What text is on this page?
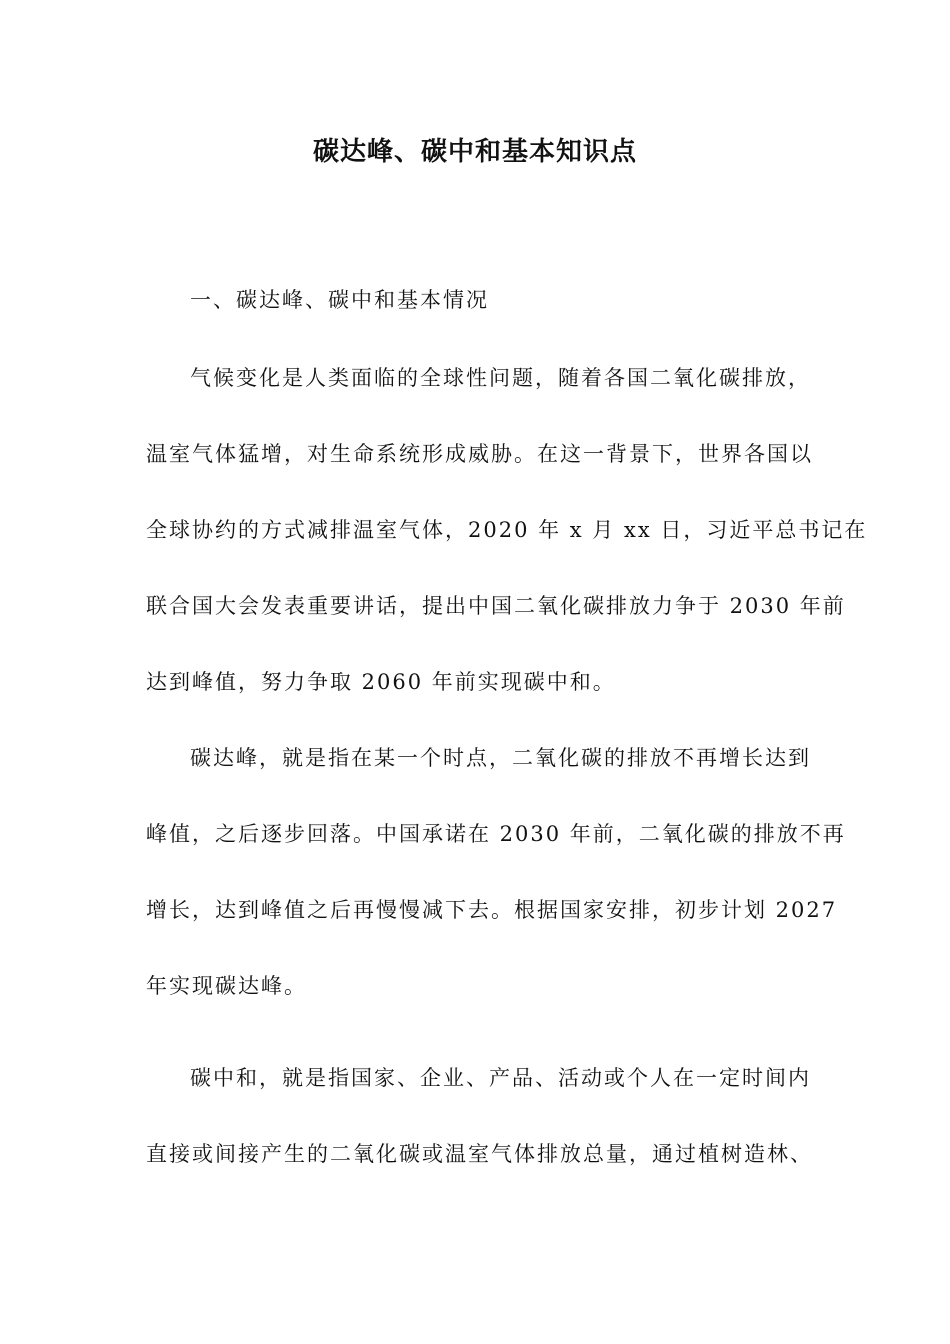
碳达峰、碳中和基本知识点

一、碳达峰、碳中和基本情况

气候变化是人类面临的全球性问题，随着各国二氧化碳排放，
温室气体猛增，对生命系统形成威胁。在这一背景下，世界各国以
全球协约的方式减排温室气体，2020 年 x 月 xx 日，习近平总书记在
联合国大会发表重要讲话，提出中国二氧化碳排放力争于 2030 年前
达到峰值，努力争取 2060 年前实现碳中和。
碳达峰，就是指在某一个时点，二氧化碳的排放不再增长达到
峰值，之后逐步回落。中国承诺在 2030 年前，二氧化碳的排放不再
增长，达到峰值之后再慢慢减下去。根据国家安排，初步计划 2027
年实现碳达峰。
碳中和，就是指国家、企业、产品、活动或个人在一定时间内
直接或间接产生的二氧化碳或温室气体排放总量，通过植树造林、
